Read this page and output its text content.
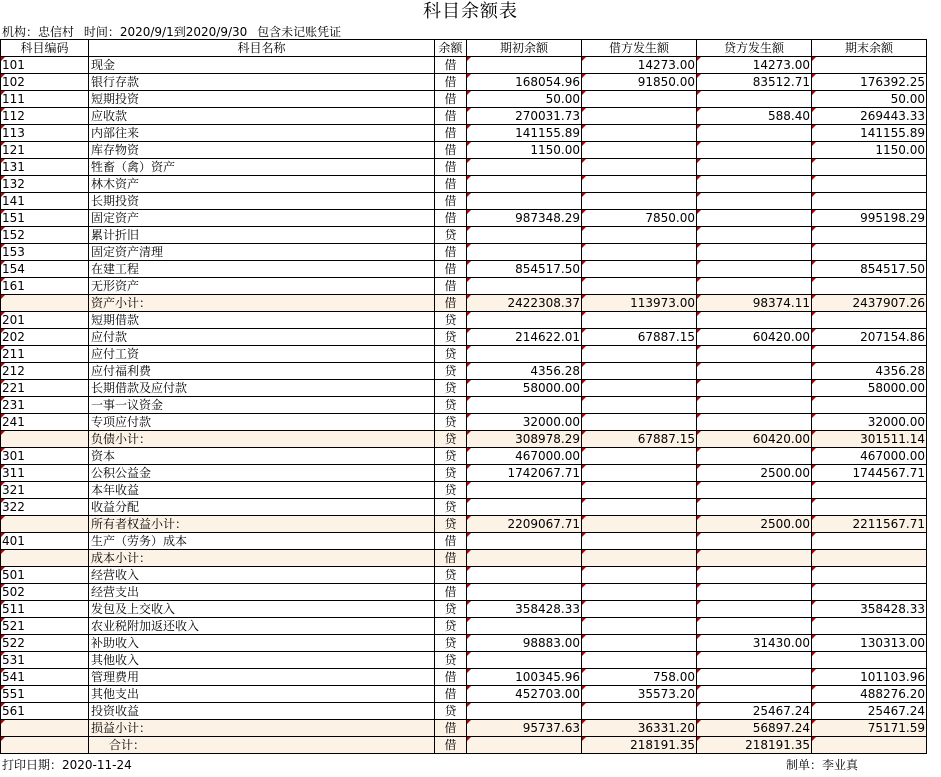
科目余额表
机构：忠信村 时间：2020/9/1到2020/9/30 包含未记账凭证
科目编码	科目名称	余额	期初余额	借方发生额	贷方发生额	期末余额
101	现金	借		14273.00	14273.00	
102	银行存款	借	168054.96	91850.00	83512.71	176392.25
111	短期投资	借	50.00			50.00
112	应收款	借	270031.73		588.40	269443.33
113	内部往来	借	141155.89			141155.89
121	库存物资	借	1150.00			1150.00
131	牲畜（禽）资产	借				
132	林木资产	借				
141	长期投资	借				
151	固定资产	借	987348.29	7850.00		995198.29
152	累计折旧	贷				
153	固定资产清理	借				
154	在建工程	借	854517.50			854517.50
161	无形资产	借				
	资产小计：	借	2422308.37	113973.00	98374.11	2437907.26
201	短期借款	贷				
202	应付款	贷	214622.01	67887.15	60420.00	207154.86
211	应付工资	贷				
212	应付福利费	贷	4356.28			4356.28
221	长期借款及应付款	贷	58000.00			58000.00
231	一事一议资金	贷				
241	专项应付款	贷	32000.00			32000.00
	负债小计：	贷	308978.29	67887.15	60420.00	301511.14
301	资本	贷	467000.00			467000.00
311	公积公益金	贷	1742067.71		2500.00	1744567.71
321	本年收益	贷				
322	收益分配	贷				
	所有者权益小计：	贷	2209067.71		2500.00	2211567.71
401	生产（劳务）成本	借				
	成本小计：	借				
501	经营收入	贷				
502	经营支出	借				
511	发包及上交收入	贷	358428.33			358428.33
521	农业税附加返还收入	贷				
522	补助收入	贷	98883.00		31430.00	130313.00
531	其他收入	贷				
541	管理费用	借	100345.96	758.00		101103.96
551	其他支出	借	452703.00	35573.20		488276.20
561	投资收益	贷			25467.24	25467.24
	损益小计：	借	95737.63	36331.20	56897.24	75171.59
	合计：	借		218191.35	218191.35	
打印日期：2020-11-24	制单：李业真
